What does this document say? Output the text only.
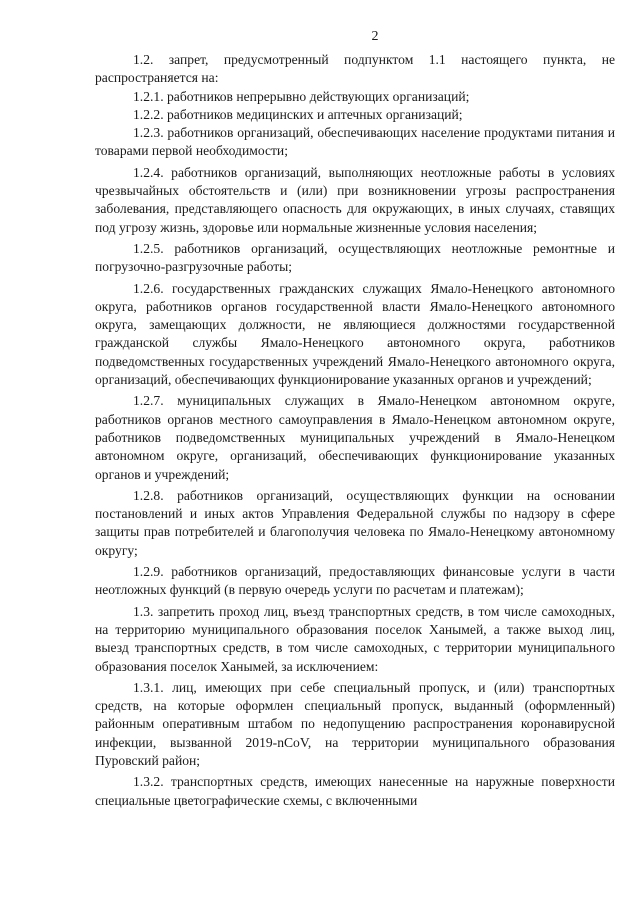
2

1.2. запрет, предусмотренный подпунктом 1.1 настоящего пункта, не распространяется на:

1.2.1. работников непрерывно действующих организаций;

1.2.2. работников медицинских и аптечных организаций;

1.2.3. работников организаций, обеспечивающих население продуктами питания и товарами первой необходимости;

1.2.4. работников организаций, выполняющих неотложные работы в условиях чрезвычайных обстоятельств и (или) при возникновении угрозы распространения заболевания, представляющего опасность для окружающих, в иных случаях, ставящих под угрозу жизнь, здоровье или нормальные жизненные условия населения;

1.2.5. работников организаций, осуществляющих неотложные ремонтные и погрузочно-разгрузочные работы;

1.2.6. государственных гражданских служащих Ямало-Ненецкого автономного округа, работников органов государственной власти Ямало-Ненецкого автономного округа, замещающих должности, не являющиеся должностями государственной гражданской службы Ямало-Ненецкого автономного округа, работников подведомственных государственных учреждений Ямало-Ненецкого автономного округа, организаций, обеспечивающих функционирование указанных органов и учреждений;

1.2.7. муниципальных служащих в Ямало-Ненецком автономном округе, работников органов местного самоуправления в Ямало-Ненецком автономном округе, работников подведомственных муниципальных учреждений в Ямало-Ненецком автономном округе, организаций, обеспечивающих функционирование указанных органов и учреждений;

1.2.8. работников организаций, осуществляющих функции на основании постановлений и иных актов Управления Федеральной службы по надзору в сфере защиты прав потребителей и благополучия человека по Ямало-Ненецкому автономному округу;

1.2.9. работников организаций, предоставляющих финансовые услуги в части неотложных функций (в первую очередь услуги по расчетам и платежам);

1.3. запретить проход лиц, въезд транспортных средств, в том числе самоходных, на территорию муниципального образования поселок Ханымей, а также выход лиц, выезд транспортных средств, в том числе самоходных, с территории муниципального образования поселок Ханымей, за исключением:

1.3.1. лиц, имеющих при себе специальный пропуск, и (или) транспортных средств, на которые оформлен специальный пропуск, выданный (оформленный) районным оперативным штабом по недопущению распространения коронавирусной инфекции, вызванной 2019-nCoV, на территории муниципального образования Пуровский район;

1.3.2. транспортных средств, имеющих нанесенные на наружные поверхности специальные цветографические схемы, с включенными
